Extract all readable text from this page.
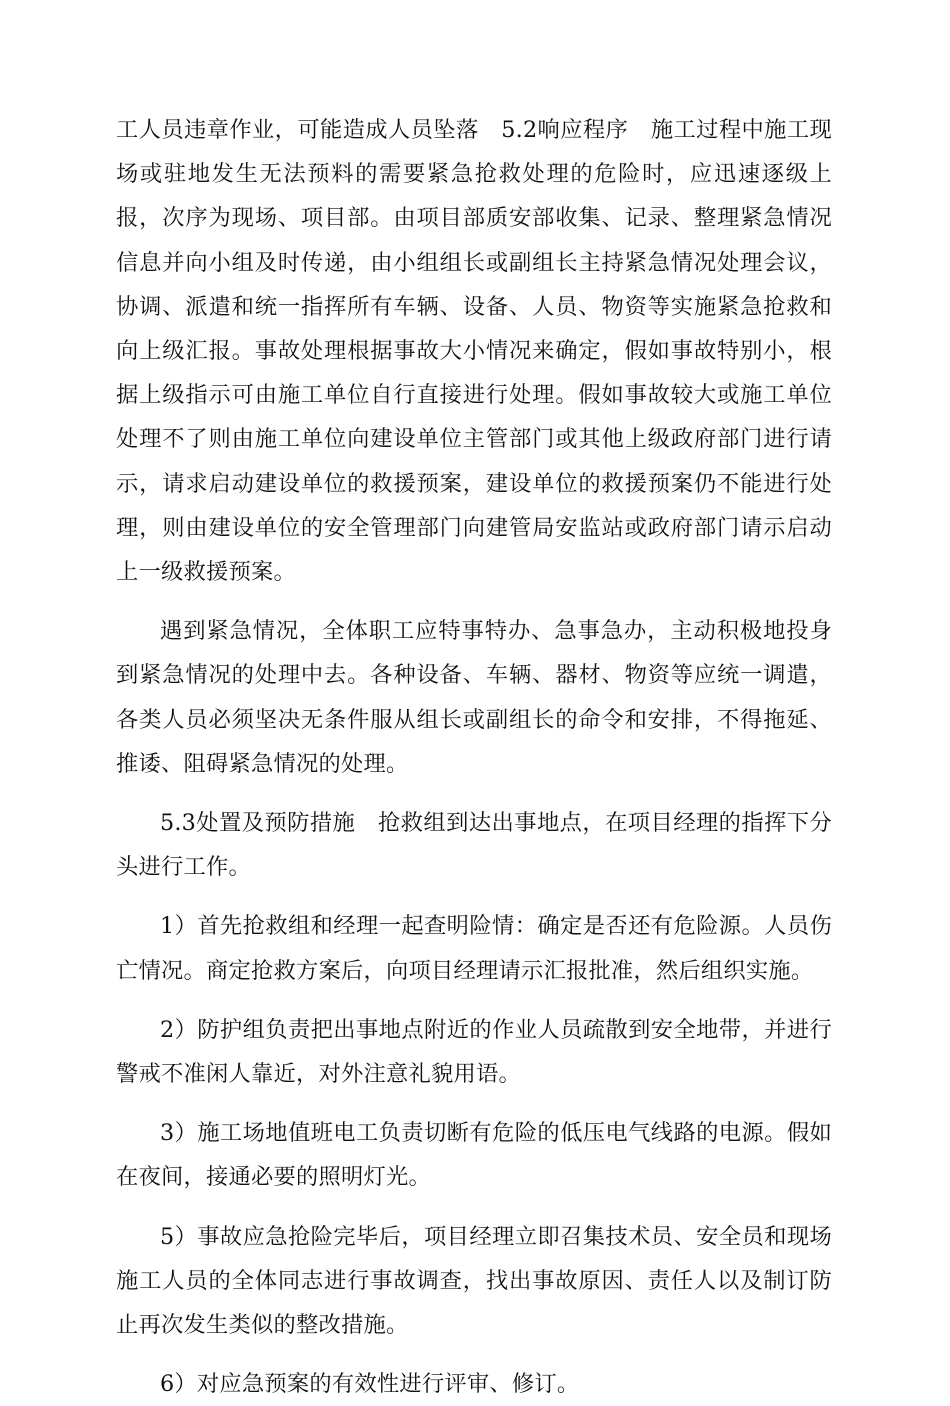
工人员违章作业，可能造成人员坠落　5.2响应程序　施工过程中施工现场或驻地发生无法预料的需要紧急抢救处理的危险时，应迅速逐级上报，次序为现场、项目部。由项目部质安部收集、记录、整理紧急情况信息并向小组及时传递，由小组组长或副组长主持紧急情况处理会议，协调、派遣和统一指挥所有车辆、设备、人员、物资等实施紧急抢救和向上级汇报。事故处理根据事故大小情况来确定，假如事故特别小，根据上级指示可由施工单位自行直接进行处理。假如事故较大或施工单位处理不了则由施工单位向建设单位主管部门或其他上级政府部门进行请示，请求启动建设单位的救援预案，建设单位的救援预案仍不能进行处理，则由建设单位的安全管理部门向建管局安监站或政府部门请示启动上一级救援预案。

遇到紧急情况，全体职工应特事特办、急事急办，主动积极地投身到紧急情况的处理中去。各种设备、车辆、器材、物资等应统一调遣，各类人员必须坚决无条件服从组长或副组长的命令和安排，不得拖延、推诿、阻碍紧急情况的处理。

5.3处置及预防措施　抢救组到达出事地点，在项目经理的指挥下分头进行工作。

1）首先抢救组和经理一起查明险情：确定是否还有危险源。人员伤亡情况。商定抢救方案后，向项目经理请示汇报批准，然后组织实施。

2）防护组负责把出事地点附近的作业人员疏散到安全地带，并进行警戒不准闲人靠近，对外注意礼貌用语。

3）施工场地值班电工负责切断有危险的低压电气线路的电源。假如在夜间，接通必要的照明灯光。

5）事故应急抢险完毕后，项目经理立即召集技术员、安全员和现场施工人员的全体同志进行事故调查，找出事故原因、责任人以及制订防止再次发生类似的整改措施。

6）对应急预案的有效性进行评审、修订。
